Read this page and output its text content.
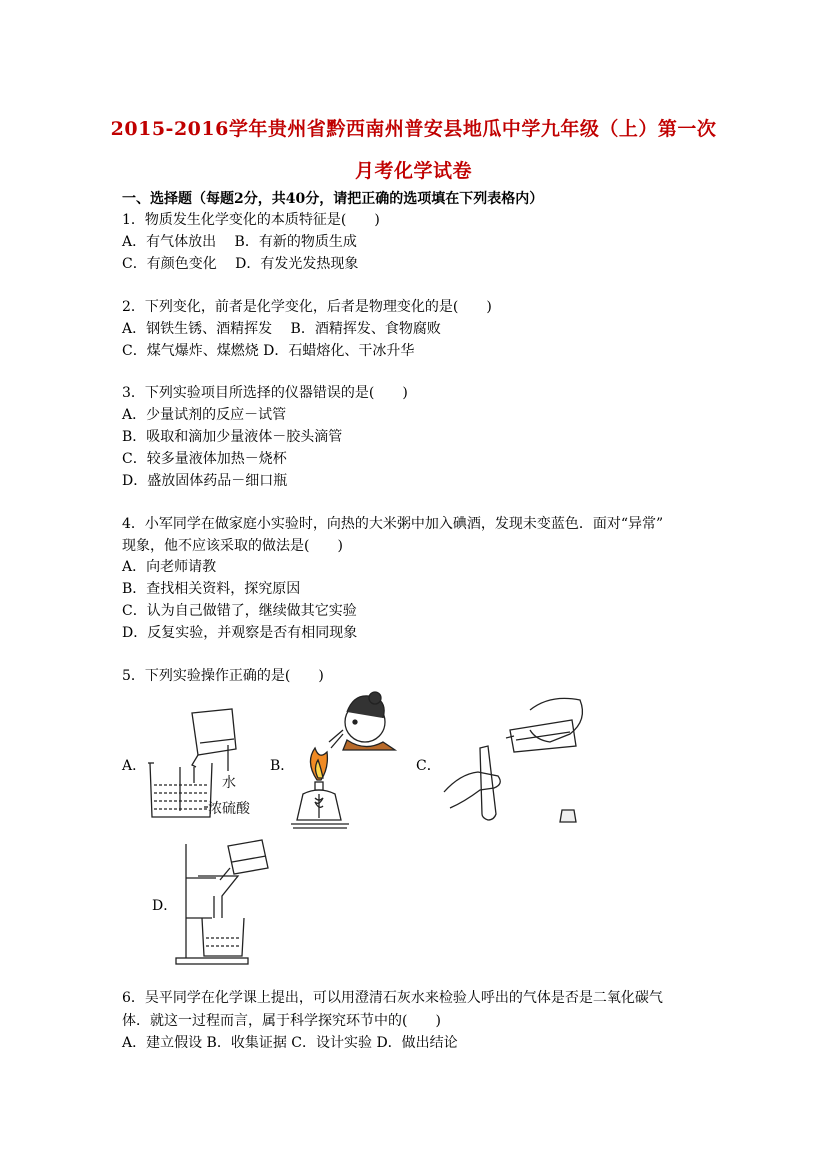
2015-2016学年贵州省黔西南州普安县地瓜中学九年级（上）第一次
月考化学试卷
一、选择题（每题2分，共40分，请把正确的选项填在下列表格内）
1．物质发生化学变化的本质特征是(　　)
A．有气体放出　 B．有新的物质生成
C．有颜色变化　 D．有发光发热现象
2．下列变化，前者是化学变化，后者是物理变化的是(　　)
A．钢铁生锈、酒精挥发　 B．酒精挥发、食物腐败
C．煤气爆炸、煤燃烧 D．石蜡熔化、干冰升华
3．下列实验项目所选择的仪器错误的是(　　)
A．少量试剂的反应－试管
B．吸取和滴加少量液体－胶头滴管
C．较多量液体加热－烧杯
D．盛放固体药品－细口瓶
4．小军同学在做家庭小实验时，向热的大米粥中加入碘酒，发现未变蓝色．面对“异常”
现象，他不应该采取的做法是(　　)
A．向老师请教
B．查找相关资料，探究原因
C．认为自己做错了，继续做其它实验
D．反复实验，并观察是否有相同现象
5．下列实验操作正确的是(　　)
A．	B．	C．
D．
水
浓硫酸
6．吴平同学在化学课上提出，可以用澄清石灰水来检验人呼出的气体是否是二氧化碳气
体．就这一过程而言，属于科学探究环节中的(　　)
A．建立假设 B．收集证据 C．设计实验 D．做出结论
